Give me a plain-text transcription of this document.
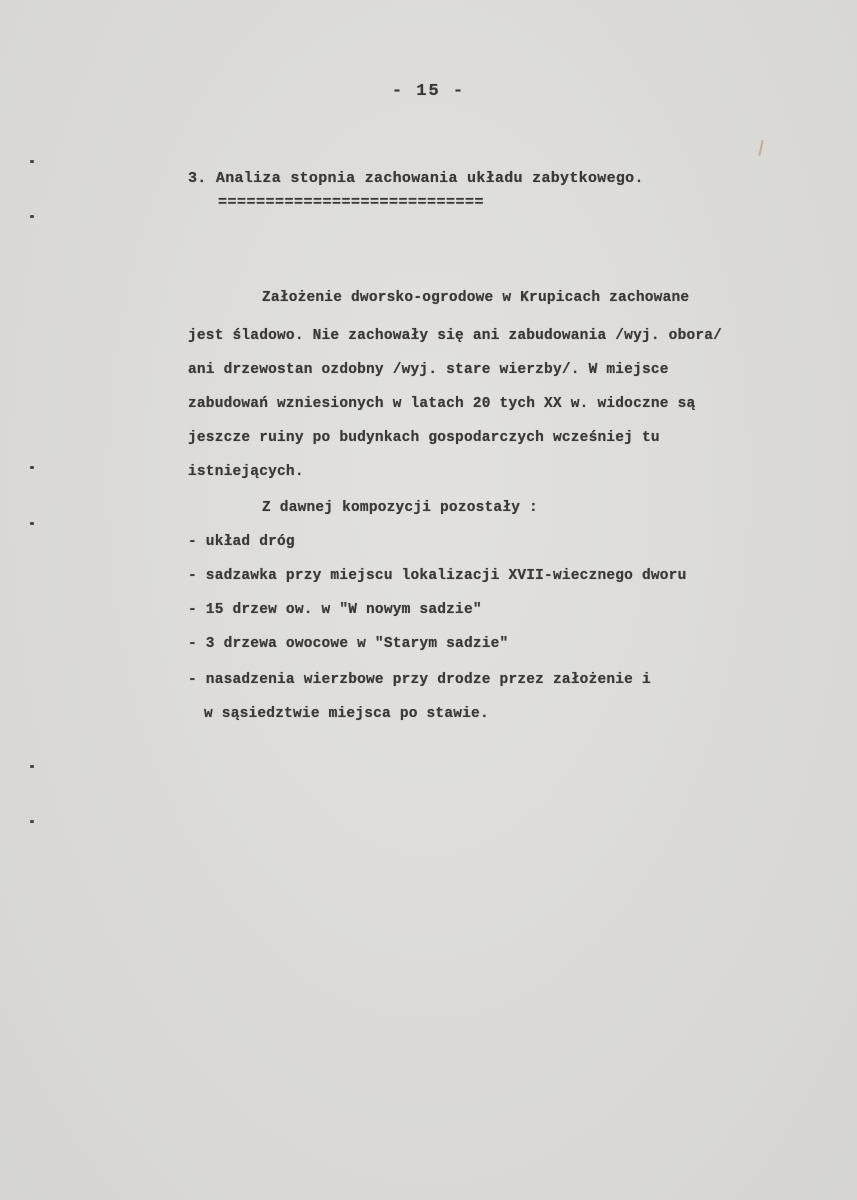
- 15 -
3. Analiza stopnia zachowania układu zabytkowego.
============================
Założenie dworsko-ogrodowe w Krupicach zachowane
jest śladowo. Nie zachowały się ani zabudowania /wyj. obora/
ani drzewostan ozdobny /wyj. stare wierzby/. W miejsce
zabudowań wzniesionych w latach 20 tych XX w. widoczne są
jeszcze ruiny po budynkach gospodarczych wcześniej tu
istniejących.
Z dawnej kompozycji pozostały :
- układ dróg
- sadzawka przy miejscu lokalizacji XVII-wiecznego dworu
- 15 drzew ow. w "W nowym sadzie"
- 3 drzewa owocowe w "Starym sadzie"
- nasadzenia wierzbowe przy drodze przez założenie i
w sąsiedztwie miejsca po stawie.
